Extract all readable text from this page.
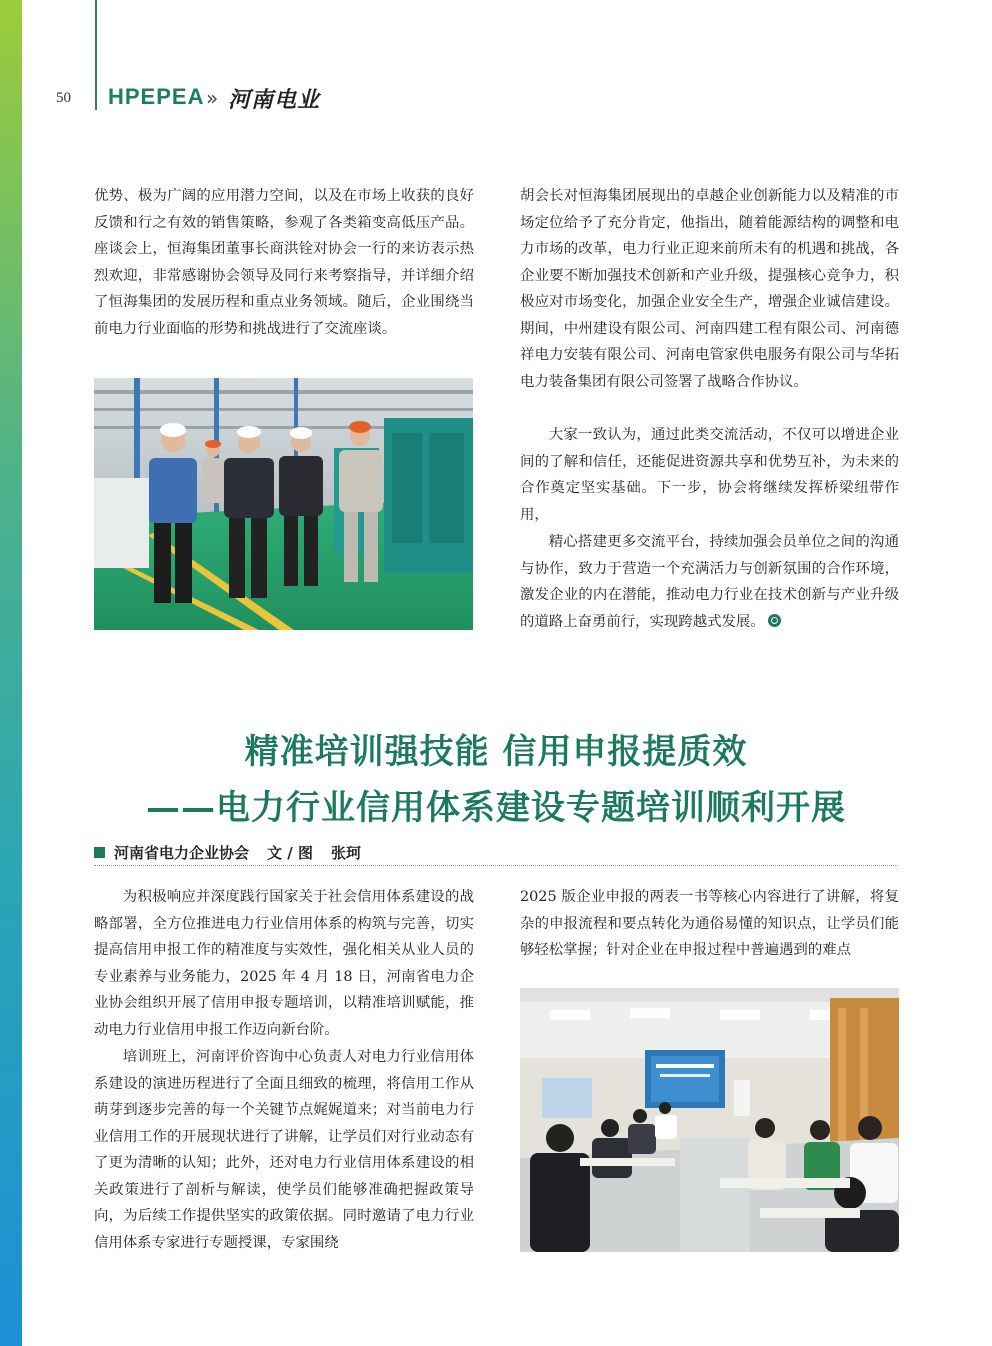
50 HPEPEA » 河南电业

优势、极为广阔的应用潜力空间，以及在市场上收获的良好反馈和行之有效的销售策略，参观了各类箱变高低压产品。座谈会上，恒海集团董事长商洪铨对协会一行的来访表示热烈欢迎，非常感谢协会领导及同行来考察指导，并详细介绍了恒海集团的发展历程和重点业务领域。随后，企业围绕当前电力行业面临的形势和挑战进行了交流座谈。

胡会长对恒海集团展现出的卓越企业创新能力以及精准的市场定位给予了充分肯定，他指出，随着能源结构的调整和电力市场的改革，电力行业正迎来前所未有的机遇和挑战，各企业要不断加强技术创新和产业升级，提强核心竞争力，积极应对市场变化，加强企业安全生产，增强企业诚信建设。期间，中州建设有限公司、河南四建工程有限公司、河南德祥电力安装有限公司、河南电管家供电服务有限公司与华拓电力装备集团有限公司签署了战略合作协议。

大家一致认为，通过此类交流活动，不仅可以增进企业间的了解和信任，还能促进资源共享和优势互补，为未来的合作奠定坚实基础。下一步，协会将继续发挥桥梁纽带作用，

精心搭建更多交流平台，持续加强会员单位之间的沟通与协作，致力于营造一个充满活力与创新氛围的合作环境，激发企业的内在潜能，推动电力行业在技术创新与产业升级的道路上奋勇前行，实现跨越式发展。

精准培训强技能 信用申报提质效
——电力行业信用体系建设专题培训顺利开展
河南省电力企业协会 文 / 图 张珂

为积极响应并深度践行国家关于社会信用体系建设的战略部署，全方位推进电力行业信用体系的构筑与完善，切实提高信用申报工作的精准度与实效性，强化相关从业人员的专业素养与业务能力，2025 年 4 月 18 日，河南省电力企业协会组织开展了信用申报专题培训，以精准培训赋能，推动电力行业信用申报工作迈向新台阶。

培训班上，河南评价咨询中心负责人对电力行业信用体系建设的演进历程进行了全面且细致的梳理，将信用工作从萌芽到逐步完善的每一个关键节点娓娓道来；对当前电力行业信用工作的开展现状进行了讲解，让学员们对行业动态有了更为清晰的认知；此外，还对电力行业信用体系建设的相关政策进行了剖析与解读，使学员们能够准确把握政策导向，为后续工作提供坚实的政策依据。同时邀请了电力行业信用体系专家进行专题授课，专家围绕

2025 版企业申报的两表一书等核心内容进行了讲解，将复杂的申报流程和要点转化为通俗易懂的知识点，让学员们能够轻松掌握；针对企业在申报过程中普遍遇到的难点
